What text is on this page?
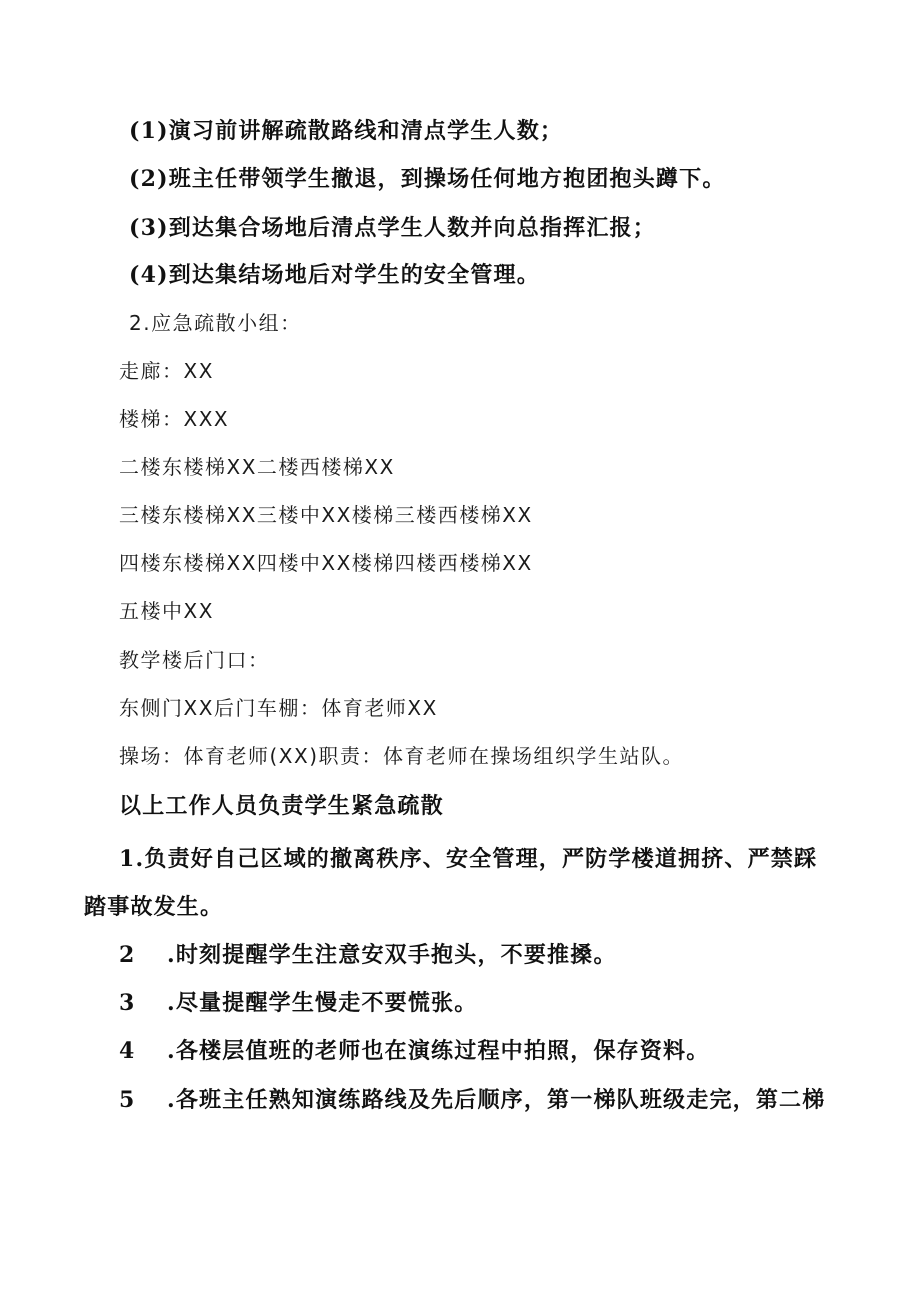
(1)演习前讲解疏散路线和清点学生人数；
(2)班主任带领学生撤退，到操场任何地方抱团抱头蹲下。
(3)到达集合场地后清点学生人数并向总指挥汇报；
(4)到达集结场地后对学生的安全管理。
2.应急疏散小组：
走廊：XX
楼梯：XXX
二楼东楼梯XX二楼西楼梯XX
三楼东楼梯XX三楼中XX楼梯三楼西楼梯XX
四楼东楼梯XX四楼中XX楼梯四楼西楼梯XX
五楼中XX
教学楼后门口：
东侧门XX后门车棚：体育老师XX
操场：体育老师(XX)职责：体育老师在操场组织学生站队。
以上工作人员负责学生紧急疏散
1.负责好自己区域的撤离秩序、安全管理，严防学楼道拥挤、严禁踩
踏事故发生。
2 .时刻提醒学生注意安双手抱头，不要推搡。
3 .尽量提醒学生慢走不要慌张。
4 .各楼层值班的老师也在演练过程中拍照，保存资料。
5 .各班主任熟知演练路线及先后顺序，第一梯队班级走完，第二梯
